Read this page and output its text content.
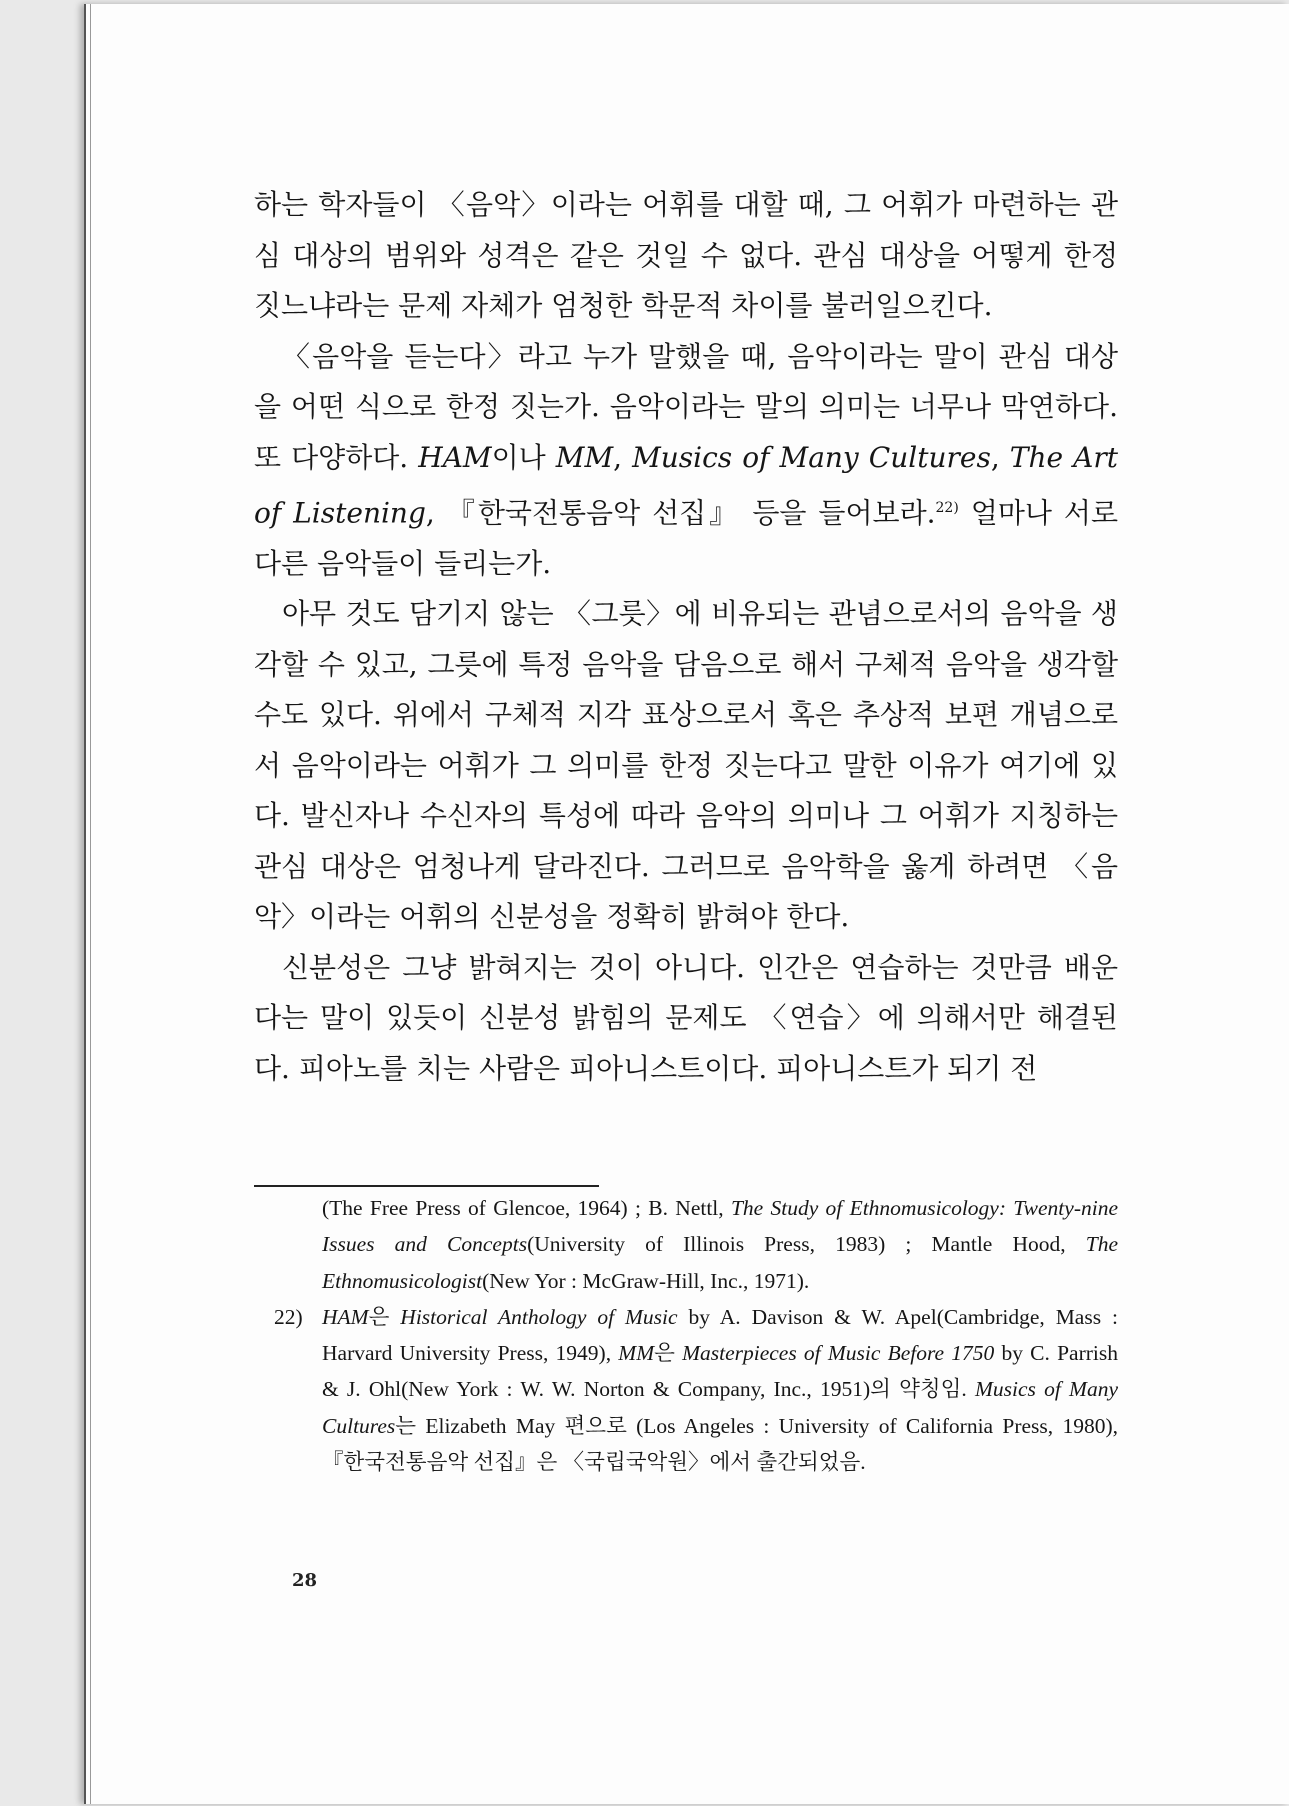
하는 학자들이 〈음악〉이라는 어휘를 대할 때, 그 어휘가 마련하는 관심 대상의 범위와 성격은 같은 것일 수 없다. 관심 대상을 어떻게 한정 짓느냐라는 문제 자체가 엄청한 학문적 차이를 불러일으킨다.

〈음악을 듣는다〉라고 누가 말했을 때, 음악이라는 말이 관심 대상을 어떤 식으로 한정 짓는가. 음악이라는 말의 의미는 너무나 막연하다. 또 다양하다. HAM이나 MM, Musics of Many Cultures, The Art of Listening, 『한국전통음악 선집』 등을 들어보라.$^{22)}$ 얼마나 서로 다른 음악들이 들리는가.

아무 것도 담기지 않는 〈그릇〉에 비유되는 관념으로서의 음악을 생각할 수 있고, 그릇에 특정 음악을 담음으로 해서 구체적 음악을 생각할 수도 있다. 위에서 구체적 지각 표상으로서 혹은 추상적 보편 개념으로서 음악이라는 어휘가 그 의미를 한정 짓는다고 말한 이유가 여기에 있다. 발신자나 수신자의 특성에 따라 음악의 의미나 그 어휘가 지칭하는 관심 대상은 엄청나게 달라진다. 그러므로 음악학을 옳게 하려면 〈음악〉이라는 어휘의 신분성을 정확히 밝혀야 한다.

신분성은 그냥 밝혀지는 것이 아니다. 인간은 연습하는 것만큼 배운다는 말이 있듯이 신분성 밝힘의 문제도 〈연습〉에 의해서만 해결된다. 피아노를 치는 사람은 피아니스트이다. 피아니스트가 되기 전

(The Free Press of Glencoe, 1964) ; B. Nettl, The Study of Ethnomusicology: Twenty-nine Issues and Concepts(University of Illinois Press, 1983) ; Mantle Hood, The Ethnomusicologist(New Yor : McGraw-Hill, Inc., 1971).
22) HAM은 Historical Anthology of Music by A. Davison & W. Apel(Cambridge, Mass : Harvard University Press, 1949), MM은 Masterpieces of Music Before 1750 by C. Parrish & J. Ohl(New York : W. W. Norton & Company, Inc., 1951)의 약칭임. Musics of Many Cultures는 Elizabeth May 편으로 (Los Angeles : University of California Press, 1980), 『한국전통음악 선집』은 〈국립국악원〉에서 출간되었음.
28
